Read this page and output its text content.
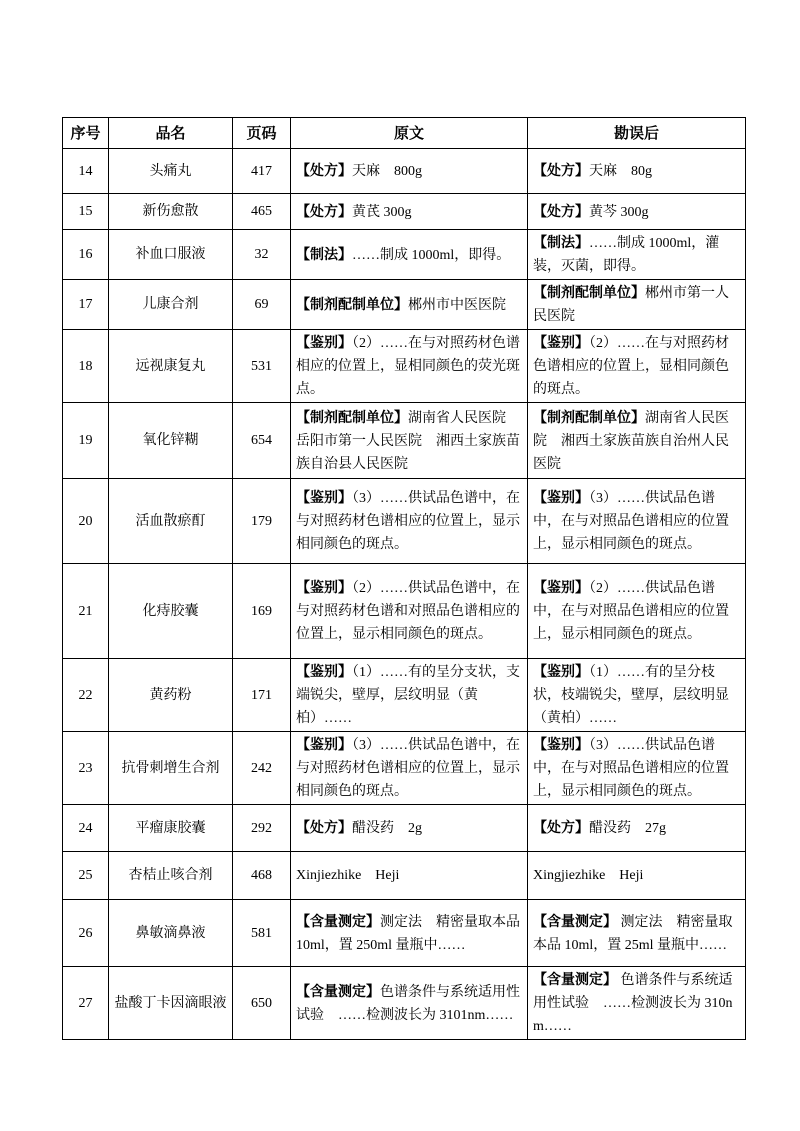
序号	品名	页码	原文	勘误后
14	头痛丸	417	【处方】天麻　800g	【处方】天麻　80g
15	新伤愈散	465	【处方】黄芪 300g	【处方】黄芩 300g
16	补血口服液	32	【制法】……制成 1000ml，即得。	【制法】……制成 1000ml，灌装，灭菌，即得。
17	儿康合剂	69	【制剂配制单位】郴州市中医医院	【制剂配制单位】郴州市第一人民医院
18	远视康复丸	531	【鉴别】（2）……在与对照药材色谱相应的位置上，显相同颜色的荧光斑点。	【鉴别】（2）……在与对照药材色谱相应的位置上，显相同颜色的斑点。
19	氧化锌糊	654	【制剂配制单位】湖南省人民医院 岳阳市第一人民医院　湘西土家族苗族自治县人民医院	【制剂配制单位】湖南省人民医院　湘西土家族苗族自治州人民医院
20	活血散瘀酊	179	【鉴别】（3）……供试品色谱中，在与对照药材色谱相应的位置上，显示相同颜色的斑点。	【鉴别】（3）……供试品色谱中，在与对照品色谱相应的位置上，显示相同颜色的斑点。
21	化痔胶囊	169	【鉴别】（2）……供试品色谱中，在与对照药材色谱和对照品色谱相应的位置上，显示相同颜色的斑点。	【鉴别】（2）……供试品色谱中，在与对照品色谱相应的位置上，显示相同颜色的斑点。
22	黄药粉	171	【鉴别】（1）……有的呈分支状，支端锐尖，壁厚，层纹明显（黄柏）……	【鉴别】（1）……有的呈分枝状，枝端锐尖，壁厚，层纹明显（黄柏）……
23	抗骨刺增生合剂	242	【鉴别】（3）……供试品色谱中，在与对照药材色谱相应的位置上，显示相同颜色的斑点。	【鉴别】（3）……供试品色谱中，在与对照品色谱相应的位置上，显示相同颜色的斑点。
24	平瘤康胶囊	292	【处方】醋没药　2g	【处方】醋没药　27g
25	杏桔止咳合剂	468	Xinjiezhike　Heji	Xingjiezhike　Heji
26	鼻敏滴鼻液	581	【含量测定】测定法　精密量取本品 10ml，置 250ml 量瓶中……	【含量测定】 测定法　精密量取本品 10ml，置 25ml 量瓶中……
27	盐酸丁卡因滴眼液	650	【含量测定】色谱条件与系统适用性试验　……检测波长为 3101nm……	【含量测定】 色谱条件与系统适用性试验　……检测波长为 310nm……
